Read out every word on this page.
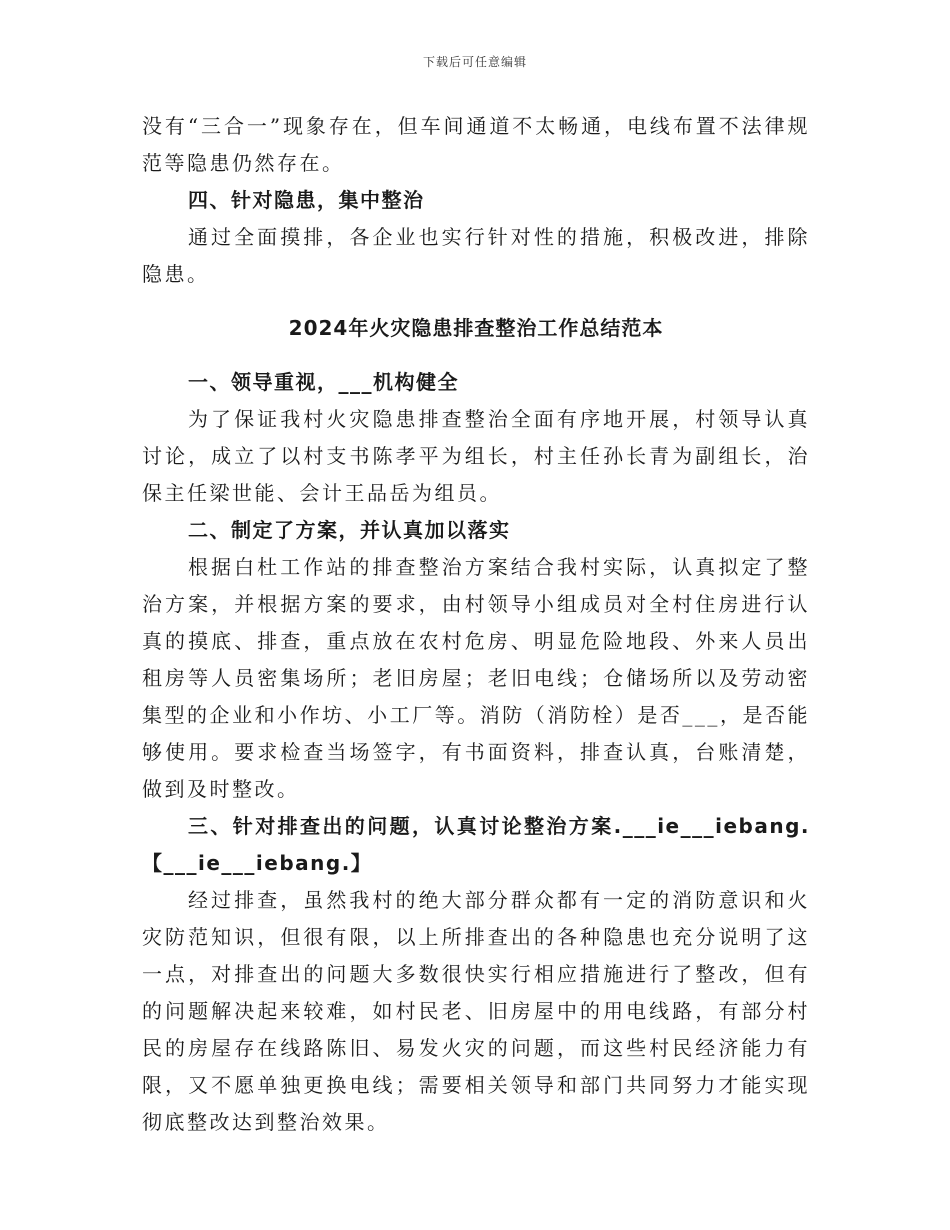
下载后可任意编辑

没有“三合一”现象存在，但车间通道不太畅通，电线布置不法律规范等隐患仍然存在。

四、针对隐患，集中整治

通过全面摸排，各企业也实行针对性的措施，积极改进，排除隐患。

2024年火灾隐患排查整治工作总结范本

一、领导重视，___机构健全

为了保证我村火灾隐患排查整治全面有序地开展，村领导认真讨论，成立了以村支书陈孝平为组长，村主任孙长青为副组长，治保主任梁世能、会计王品岳为组员。

二、制定了方案，并认真加以落实

根据白杜工作站的排查整治方案结合我村实际，认真拟定了整治方案，并根据方案的要求，由村领导小组成员对全村住房进行认真的摸底、排查，重点放在农村危房、明显危险地段、外来人员出租房等人员密集场所；老旧房屋；老旧电线；仓储场所以及劳动密集型的企业和小作坊、小工厂等。消防（消防栓）是否___，是否能够使用。要求检查当场签字，有书面资料，排查认真，台账清楚，做到及时整改。

三、针对排查出的问题，认真讨论整治方案.___ie___iebang.【___ie___iebang.】

经过排查，虽然我村的绝大部分群众都有一定的消防意识和火灾防范知识，但很有限，以上所排查出的各种隐患也充分说明了这一点，对排查出的问题大多数很快实行相应措施进行了整改，但有的问题解决起来较难，如村民老、旧房屋中的用电线路，有部分村民的房屋存在线路陈旧、易发火灾的问题，而这些村民经济能力有限，又不愿单独更换电线；需要相关领导和部门共同努力才能实现彻底整改达到整治效果。
